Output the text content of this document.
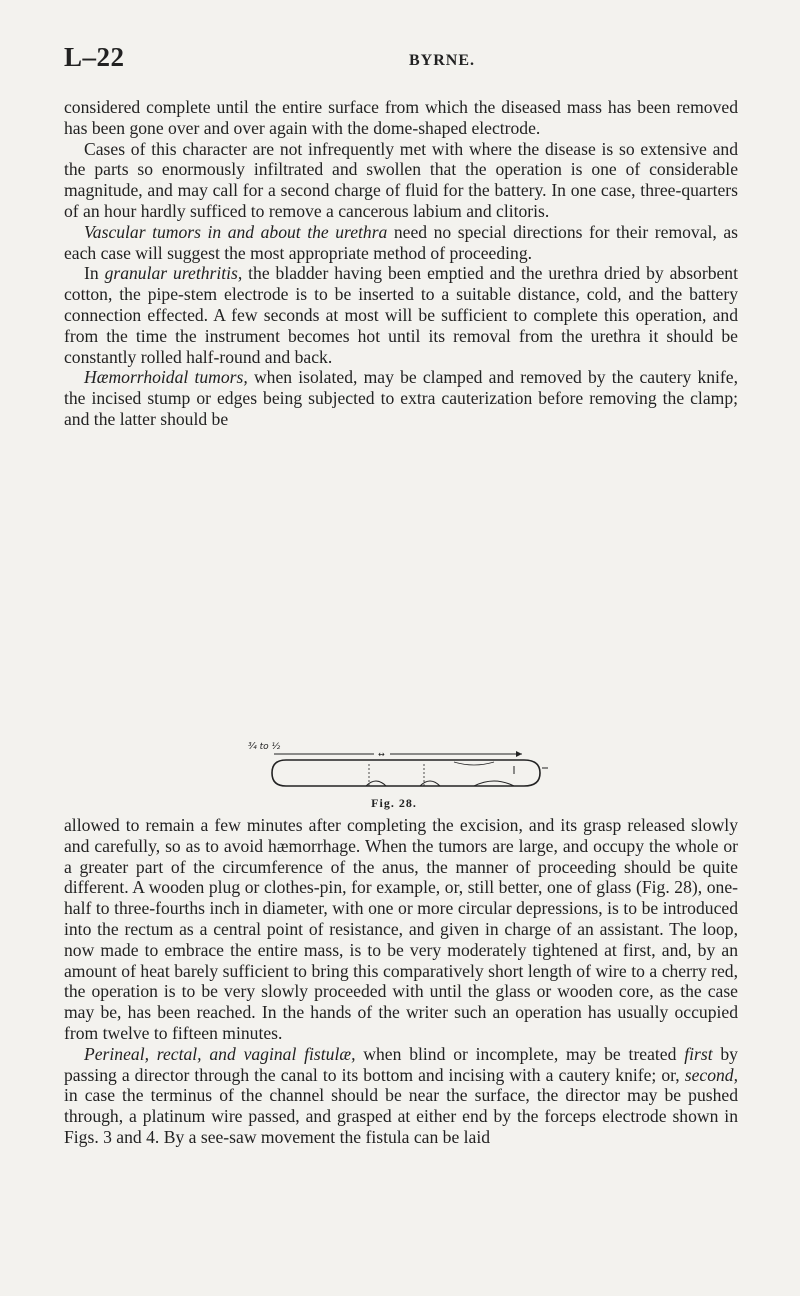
L–22	BYRNE.

considered complete until the entire surface from which the diseased mass has been removed has been gone over and over again with the dome-shaped electrode.

Cases of this character are not infrequently met with where the disease is so extensive and the parts so enormously infiltrated and swollen that the operation is one of considerable magnitude, and may call for a second charge of fluid for the battery. In one case, three-quarters of an hour hardly sufficed to remove a cancerous labium and clitoris.

Vascular tumors in and about the urethra need no special directions for their removal, as each case will suggest the most appropriate method of proceeding.

In granular urethritis, the bladder having been emptied and the urethra dried by absorbent cotton, the pipe-stem electrode is to be inserted to a suitable distance, cold, and the battery connection effected. A few seconds at most will be sufficient to complete this operation, and from the time the instrument becomes hot until its removal from the urethra it should be constantly rolled half-round and back.

Hæmorrhoidal tumors, when isolated, may be clamped and removed by the cautery knife, the incised stump or edges being subjected to extra cauterization before removing the clamp; and the latter should be

¾ to ½
↔
Fig. 28.

allowed to remain a few minutes after completing the excision, and its grasp released slowly and carefully, so as to avoid hæmorrhage. When the tumors are large, and occupy the whole or a greater part of the circumference of the anus, the manner of proceeding should be quite different. A wooden plug or clothes-pin, for example, or, still better, one of glass (Fig. 28), one-half to three-fourths inch in diameter, with one or more circular depressions, is to be introduced into the rectum as a central point of resistance, and given in charge of an assistant. The loop, now made to embrace the entire mass, is to be very moderately tightened at first, and, by an amount of heat barely sufficient to bring this comparatively short length of wire to a cherry red, the operation is to be very slowly proceeded with until the glass or wooden core, as the case may be, has been reached. In the hands of the writer such an operation has usually occupied from twelve to fifteen minutes.

Perineal, rectal, and vaginal fistulæ, when blind or incomplete, may be treated first by passing a director through the canal to its bottom and incising with a cautery knife; or, second, in case the terminus of the channel should be near the surface, the director may be pushed through, a platinum wire passed, and grasped at either end by the forceps electrode shown in Figs. 3 and 4. By a see-saw movement the fistula can be laid
